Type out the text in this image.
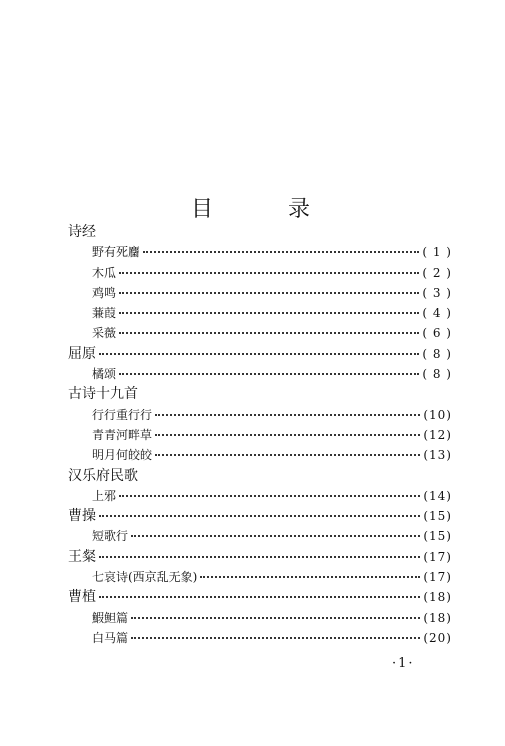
目 录
诗经
野有死麕	( 1 )
木瓜	( 2 )
鸡鸣	( 3 )
蒹葭	( 4 )
采薇	( 6 )
屈原	( 8 )
橘颂	( 8 )
古诗十九首
行行重行行	(10)
青青河畔草	(12)
明月何皎皎	(13)
汉乐府民歌
上邪	(14)
曹操	(15)
短歌行	(15)
王粲	(17)
七哀诗(西京乱无象)	(17)
曹植	(18)
鰕䱇篇	(18)
白马篇	(20)
·1·
